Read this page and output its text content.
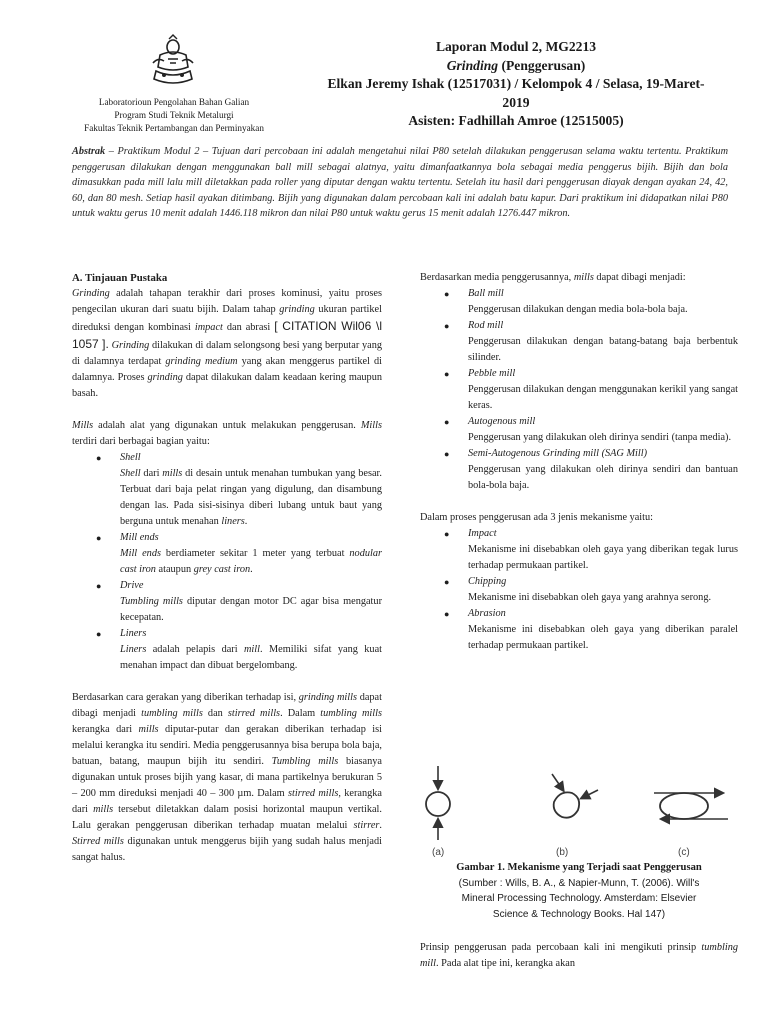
Laboratorioun Pengolahan Bahan Galian
Program Studi Teknik Metalurgi
Fakultas Teknik Pertambangan dan Perminyakan
Laporan Modul 2, MG2213
Grinding (Penggerusan)
Elkan Jeremy Ishak (12517031) / Kelompok 4 / Selasa, 19-Maret-
2019
Asisten: Fadhillah Amroe (12515005)
Abstrak – Praktikum Modul 2 – Tujuan dari percobaan ini adalah mengetahui nilai P80 setelah dilakukan penggerusan selama waktu tertentu. Praktikum penggerusan dilakukan dengan menggunakan ball mill sebagai alatnya, yaitu dimanfaatkannya bola sebagai media penggerus bijih. Bijih dan bola dimasukkan pada mill lalu mill diletakkan pada roller yang diputar dengan waktu tertentu. Setelah itu hasil dari penggerusan diayak dengan ayakan 24, 42, 60, dan 80 mesh. Setiap hasil ayakan ditimbang. Bijih yang digunakan dalam percobaan kali ini adalah batu kapur. Dari praktikum ini didapatkan nilai P80 untuk waktu gerus 10 menit adalah 1446.118 mikron dan nilai P80 untuk waktu gerus 15 menit adalah 1276.447 mikron.

A. Tinjauan Pustaka

Grinding adalah tahapan terakhir dari proses kominusi, yaitu proses pengecilan ukuran dari suatu bijih. Dalam tahap grinding ukuran partikel direduksi dengan kombinasi impact dan abrasi [ CITATION Wil06 \l 1057 ]. Grinding dilakukan di dalam selongsong besi yang berputar yang di dalamnya terdapat grinding medium yang akan menggerus partikel di dalamnya. Proses grinding dapat dilakukan dalam keadaan kering maupun basah.

Mills adalah alat yang digunakan untuk melakukan penggerusan. Mills terdiri dari berbagai bagian yaitu:

● Shell
Shell dari mills di desain untuk menahan tumbukan yang besar. Terbuat dari baja pelat ringan yang digulung, dan disambung dengan las. Pada sisi-sisinya diberi lubang untuk baut yang berguna untuk menahan liners.
● Mill ends
Mill ends berdiameter sekitar 1 meter yang terbuat nodular cast iron ataupun grey cast iron.
● Drive
Tumbling mills diputar dengan motor DC agar bisa mengatur kecepatan.
● Liners
Liners adalah pelapis dari mill. Memiliki sifat yang kuat menahan impact dan dibuat bergelombang.

Berdasarkan cara gerakan yang diberikan terhadap isi, grinding mills dapat dibagi menjadi tumbling mills dan stirred mills. Dalam tumbling mills kerangka dari mills diputar-putar dan gerakan diberikan terhadap isi melalui kerangka itu sendiri. Media penggerusannya bisa berupa bola baja, batuan, batang, maupun bijih itu sendiri. Tumbling mills biasanya digunakan untuk proses bijih yang kasar, di mana partikelnya berukuran 5 – 200 mm direduksi menjadi 40 – 300 µm. Dalam stirred mills, kerangka dari mills tersebut diletakkan dalam posisi horizontal maupun vertikal. Lalu gerakan penggerusan diberikan terhadap muatan melalui stirrer. Stirred mills digunakan untuk menggerus bijih yang sudah halus menjadi sangat halus.

Berdasarkan media penggerusannya, mills dapat dibagi menjadi:

● Ball mill
Penggerusan dilakukan dengan media bola-bola baja.
● Rod mill
Penggerusan dilakukan dengan batang-batang baja berbentuk silinder.
● Pebble mill
Penggerusan dilakukan dengan menggunakan kerikil yang sangat keras.
● Autogenous mill
Penggerusan yang dilakukan oleh dirinya sendiri (tanpa media).
● Semi-Autogenous Grinding mill (SAG Mill)
Penggerusan yang dilakukan oleh dirinya sendiri dan bantuan bola-bola baja.

Dalam proses penggerusan ada 3 jenis mekanisme yaitu:

● Impact
Mekanisme ini disebabkan oleh gaya yang diberikan tegak lurus terhadap permukaan partikel.
● Chipping
Mekanisme ini disebabkan oleh gaya yang arahnya serong.
● Abrasion
Mekanisme ini disebabkan oleh gaya yang diberikan paralel terhadap permukaan partikel.
(a)	(b)	(c)
Gambar 1. Mekanisme yang Terjadi saat Penggerusan
(Sumber : Wills, B. A., & Napier-Munn, T. (2006). Will's
Mineral Processing Technology. Amsterdam: Elsevier
Science & Technology Books. Hal 147)
Prinsip penggerusan pada percobaan kali ini mengikuti prinsip tumbling mill. Pada alat tipe ini, kerangka akan
